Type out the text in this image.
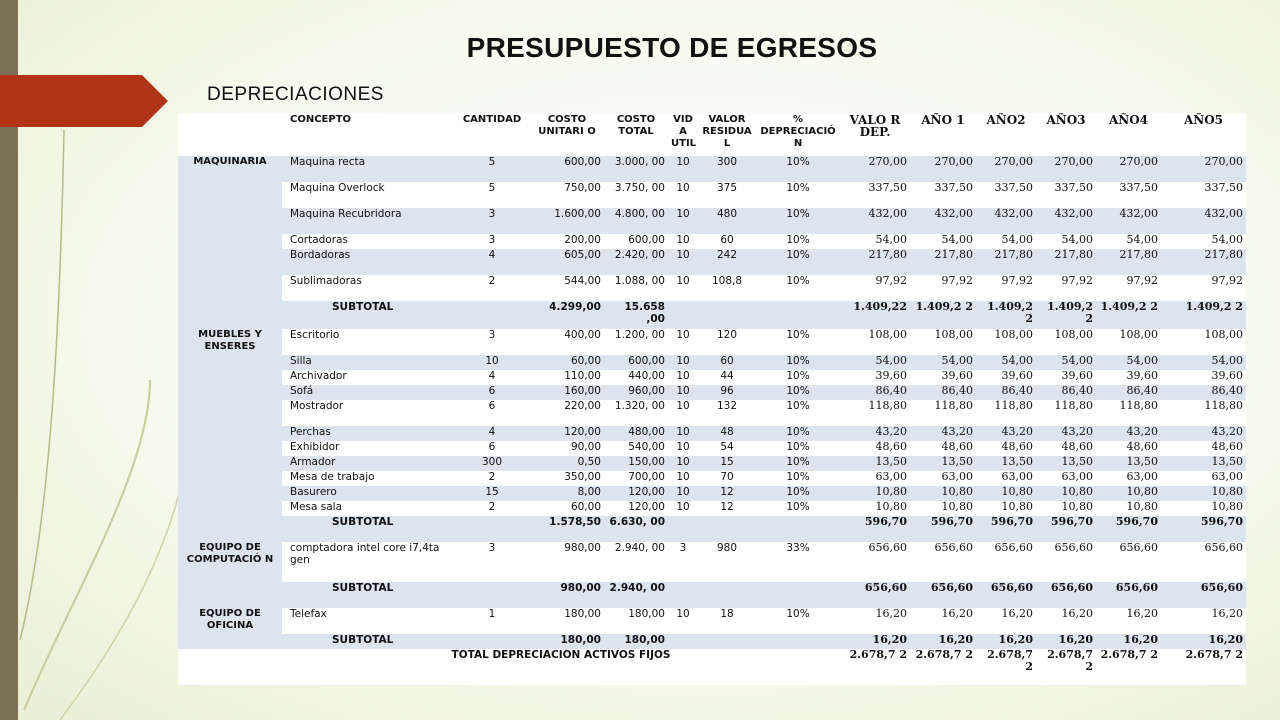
PRESUPUESTO DE EGRESOS
DEPRECIACIONES
	CONCEPTO	CANTIDAD	COSTO UNITARI O	COSTO TOTAL	VID A UTIL	VALOR RESIDUA L	% DEPRECIACIÓ N	VALO R DEP.	AÑO 1	AÑO2	AÑO3	AÑO4	AÑO5
MAQUINARIA	Maquina recta	5	600,00	3.000, 00	10	300	10%	270,00	270,00	270,00	270,00	270,00	270,00
	Maquina Overlock	5	750,00	3.750, 00	10	375	10%	337,50	337,50	337,50	337,50	337,50	337,50
	Maquina Recubridora	3	1.600,00	4.800, 00	10	480	10%	432,00	432,00	432,00	432,00	432,00	432,00
	Cortadoras	3	200,00	600,00	10	60	10%	54,00	54,00	54,00	54,00	54,00	54,00
	Bordadoras	4	605,00	2.420, 00	10	242	10%	217,80	217,80	217,80	217,80	217,80	217,80
	Sublimadoras	2	544,00	1.088, 00	10	108,8	10%	97,92	97,92	97,92	97,92	97,92	97,92
	SUBTOTAL		4.299,00	15.658 ,00				1.409,22	1.409,2 2	1.409,2 2	1.409,2 2	1.409,2 2	1.409,2 2
MUEBLES Y ENSERES	Escritorio	3	400,00	1.200, 00	10	120	10%	108,00	108,00	108,00	108,00	108,00	108,00
	Silla	10	60,00	600,00	10	60	10%	54,00	54,00	54,00	54,00	54,00	54,00
	Archivador	4	110,00	440,00	10	44	10%	39,60	39,60	39,60	39,60	39,60	39,60
	Sofá	6	160,00	960,00	10	96	10%	86,40	86,40	86,40	86,40	86,40	86,40
	Mostrador	6	220,00	1.320, 00	10	132	10%	118,80	118,80	118,80	118,80	118,80	118,80
	Perchas	4	120,00	480,00	10	48	10%	43,20	43,20	43,20	43,20	43,20	43,20
	Exhibidor	6	90,00	540,00	10	54	10%	48,60	48,60	48,60	48,60	48,60	48,60
	Armador	300	0,50	150,00	10	15	10%	13,50	13,50	13,50	13,50	13,50	13,50
	Mesa de trabajo	2	350,00	700,00	10	70	10%	63,00	63,00	63,00	63,00	63,00	63,00
	Basurero	15	8,00	120,00	10	12	10%	10,80	10,80	10,80	10,80	10,80	10,80
	Mesa sala	2	60,00	120,00	10	12	10%	10,80	10,80	10,80	10,80	10,80	10,80
	SUBTOTAL		1.578,50	6.630, 00				596,70	596,70	596,70	596,70	596,70	596,70
EQUIPO DE COMPUTACIÓ N	comptadora intel core i7,4ta gen	3	980,00	2.940, 00	3	980	33%	656,60	656,60	656,60	656,60	656,60	656,60
	SUBTOTAL		980,00	2.940, 00				656,60	656,60	656,60	656,60	656,60	656,60
EQUIPO DE OFICINA	Telefax	1	180,00	180,00	10	18	10%	16,20	16,20	16,20	16,20	16,20	16,20
	SUBTOTAL		180,00	180,00				16,20	16,20	16,20	16,20	16,20	16,20
	TOTAL DEPRECIACIÓN ACTIVOS FIJOS							2.678,7 2	2.678,7 2	2.678,7 2	2.678,7 2	2.678,7 2	2.678,7 2
